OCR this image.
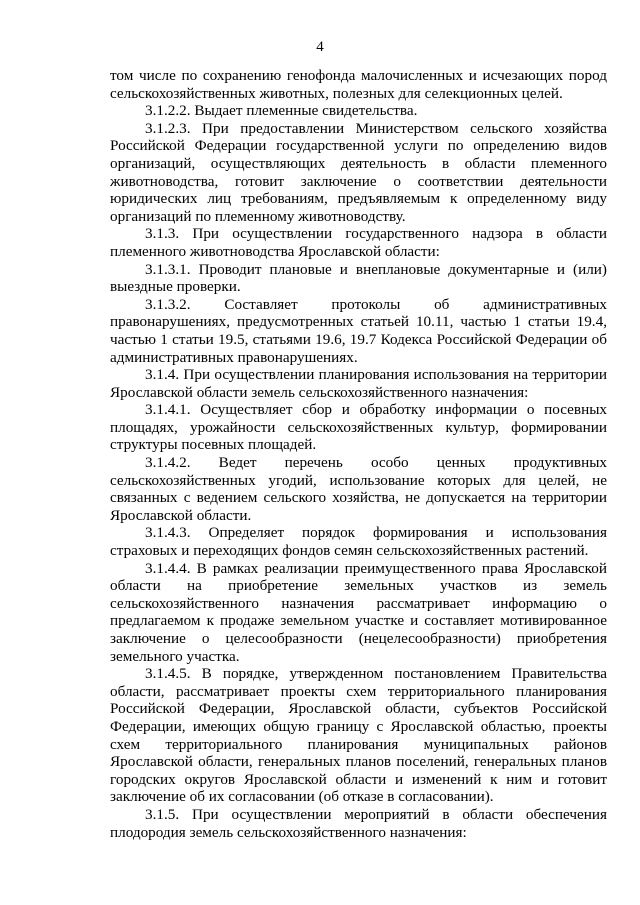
4

том числе по сохранению генофонда малочисленных и исчезающих пород сельскохозяйственных животных, полезных для селекционных целей.

3.1.2.2. Выдает племенные свидетельства.

3.1.2.3. При предоставлении Министерством сельского хозяйства Российской Федерации государственной услуги по определению видов организаций, осуществляющих деятельность в области племенного животноводства, готовит заключение о соответствии деятельности юридических лиц требованиям, предъявляемым к определенному виду организаций по племенному животноводству.

3.1.3. При осуществлении государственного надзора в области племенного животноводства Ярославской области:

3.1.3.1. Проводит плановые и внеплановые документарные и (или) выездные проверки.

3.1.3.2. Составляет протоколы об административных правонарушениях, предусмотренных статьей 10.11, частью 1 статьи 19.4, частью 1 статьи 19.5, статьями 19.6, 19.7 Кодекса Российской Федерации об административных правонарушениях.

3.1.4. При осуществлении планирования использования на территории Ярославской области земель сельскохозяйственного назначения:

3.1.4.1. Осуществляет сбор и обработку информации о посевных площадях, урожайности сельскохозяйственных культур, формировании структуры посевных площадей.

3.1.4.2. Ведет перечень особо ценных продуктивных сельскохозяйственных угодий, использование которых для целей, не связанных с ведением сельского хозяйства, не допускается на территории Ярославской области.

3.1.4.3. Определяет порядок формирования и использования страховых и переходящих фондов семян сельскохозяйственных растений.

3.1.4.4. В рамках реализации преимущественного права Ярославской области на приобретение земельных участков из земель сельскохозяйственного назначения рассматривает информацию о предлагаемом к продаже земельном участке и составляет мотивированное заключение о целесообразности (нецелесообразности) приобретения земельного участка.

3.1.4.5. В порядке, утвержденном постановлением Правительства области, рассматривает проекты схем территориального планирования Российской Федерации, Ярославской области, субъектов Российской Федерации, имеющих общую границу с Ярославской областью, проекты схем территориального планирования муниципальных районов Ярославской области, генеральных планов поселений, генеральных планов городских округов Ярославской области и изменений к ним и готовит заключение об их согласовании (об отказе в согласовании).

3.1.5. При осуществлении мероприятий в области обеспечения плодородия земель сельскохозяйственного назначения:
